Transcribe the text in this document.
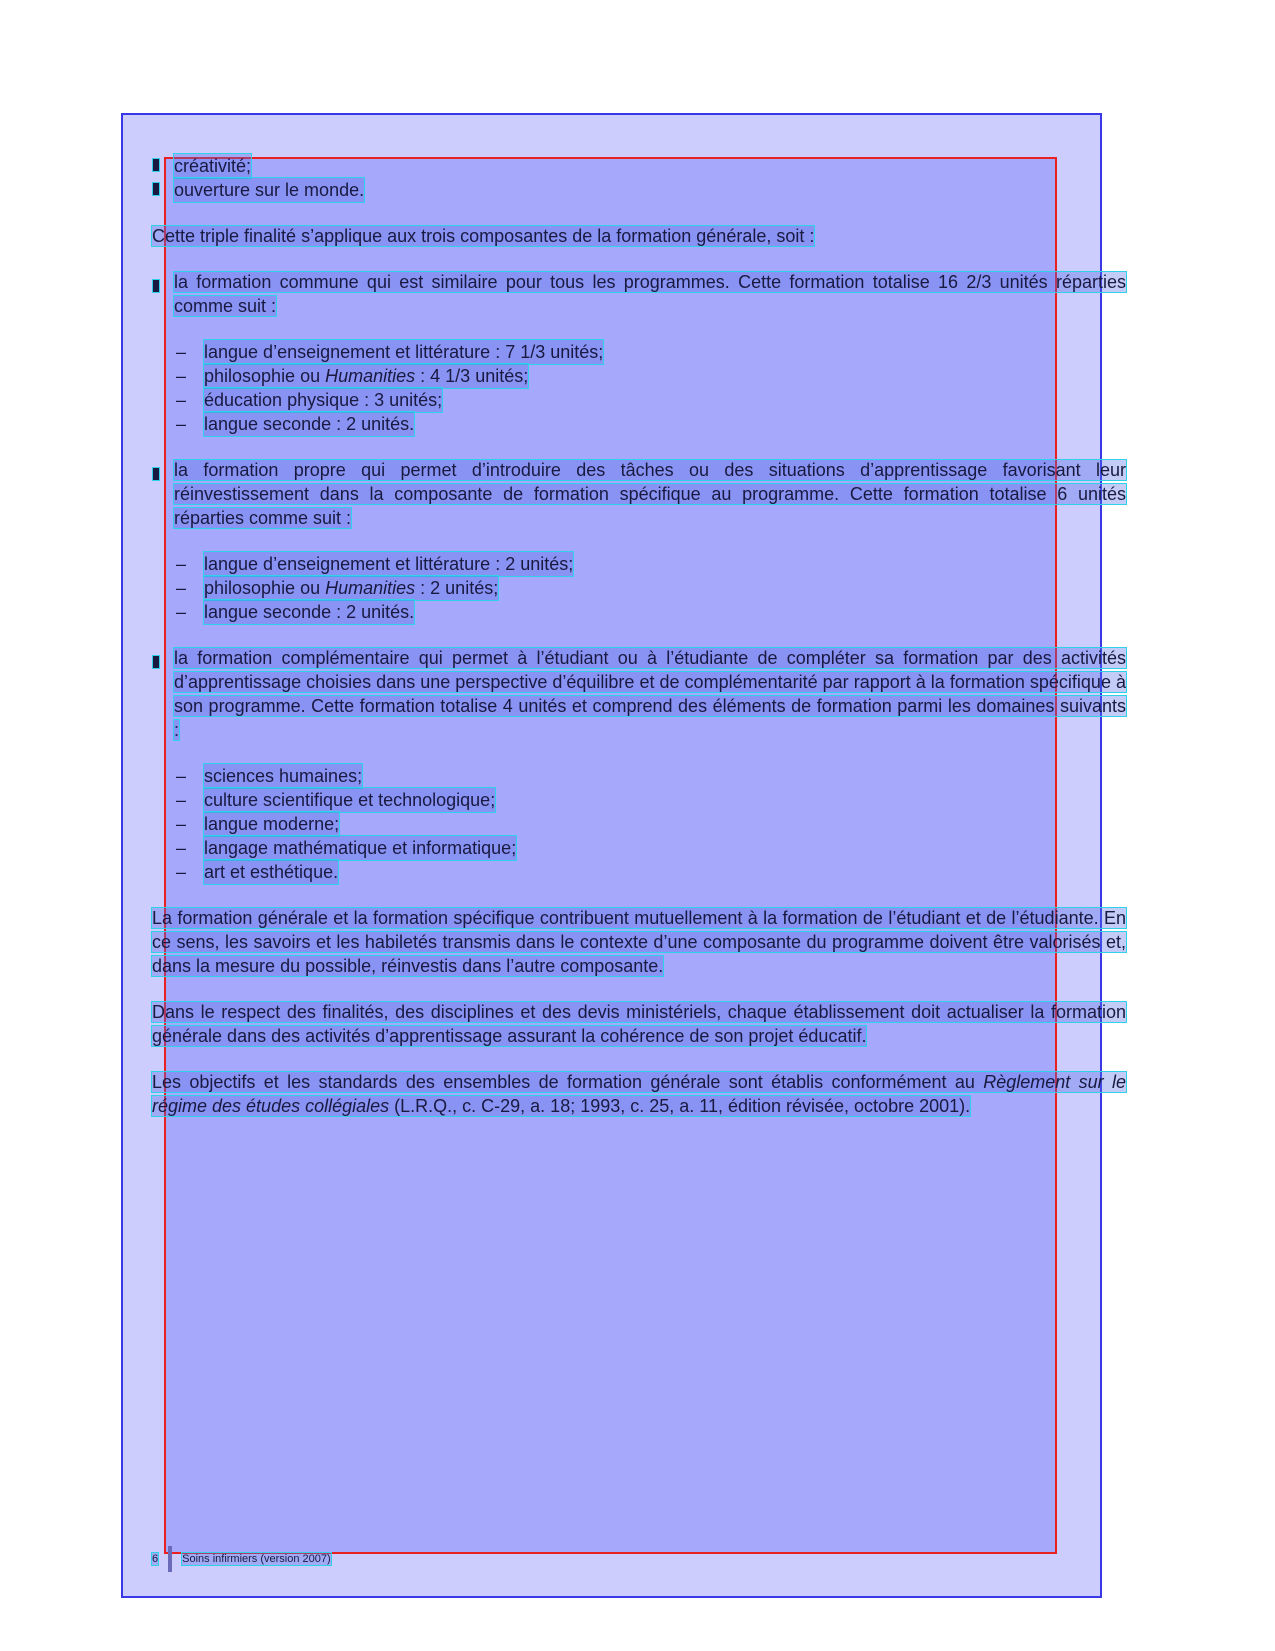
créativité;
ouverture sur le monde.

Cette triple finalité s’applique aux trois composantes de la formation générale, soit :

la formation commune qui est similaire pour tous les programmes. Cette formation totalise 16 2/3 unités réparties comme suit :

– langue d’enseignement et littérature : 7 1/3 unités;
– philosophie ou Humanities : 4 1/3 unités;
– éducation physique : 3 unités;
– langue seconde : 2 unités.

la formation propre qui permet d’introduire des tâches ou des situations d’apprentissage favorisant leur réinvestissement dans la composante de formation spécifique au programme. Cette formation totalise 6 unités réparties comme suit :

– langue d’enseignement et littérature : 2 unités;
– philosophie ou Humanities : 2 unités;
– langue seconde : 2 unités.

la formation complémentaire qui permet à l’étudiant ou à l’étudiante de compléter sa formation par des activités d’apprentissage choisies dans une perspective d’équilibre et de complémentarité par rapport à la formation spécifique à son programme. Cette formation totalise 4 unités et comprend des éléments de formation parmi les domaines suivants :

– sciences humaines;
– culture scientifique et technologique;
– langue moderne;
– langage mathématique et informatique;
– art et esthétique.

La formation générale et la formation spécifique contribuent mutuellement à la formation de l’étudiant et de l’étudiante. En ce sens, les savoirs et les habiletés transmis dans le contexte d’une composante du programme doivent être valorisés et, dans la mesure du possible, réinvestis dans l’autre composante.

Dans le respect des finalités, des disciplines et des devis ministériels, chaque établissement doit actualiser la formation générale dans des activités d’apprentissage assurant la cohérence de son projet éducatif.

Les objectifs et les standards des ensembles de formation générale sont établis conformément au Règlement sur le régime des études collégiales (L.R.Q., c. C-29, a. 18; 1993, c. 25, a. 11, édition révisée, octobre 2001).

6 Soins infirmiers (version 2007)
